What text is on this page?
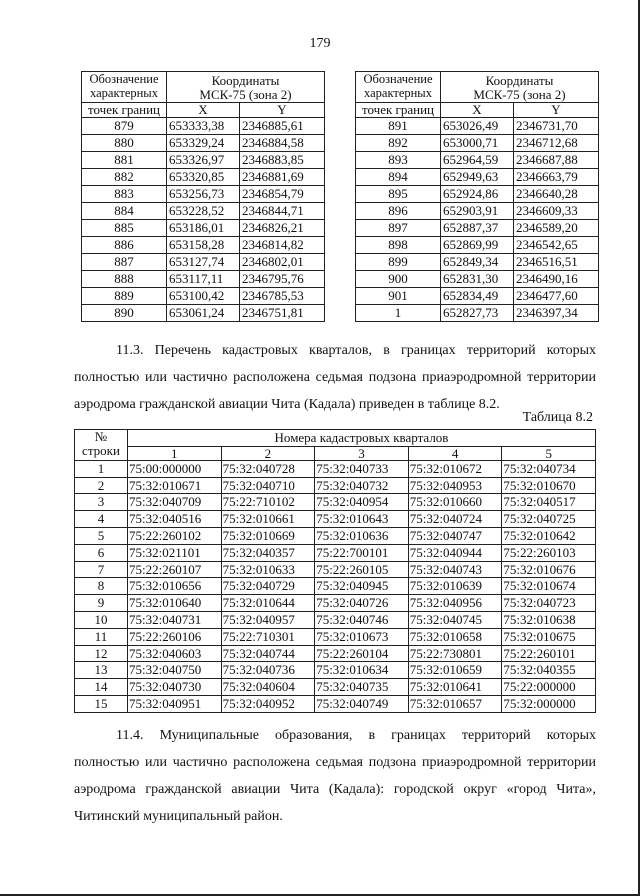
179
Обозначение
характерных	Координаты
МСК-75 (зона 2)	

точек границ	X	Y
879	653333,38	2346885,61
880	653329,24	2346884,58
881	653326,97	2346883,85
882	653320,85	2346881,69
883	653256,73	2346854,79
884	653228,52	2346844,71
885	653186,01	2346826,21
886	653158,28	2346814,82
887	653127,74	2346802,01
888	653117,11	2346795,76
889	653100,42	2346785,53
890	653061,24	2346751,81
Обозначение
характерных	Координаты
МСК-75 (зона 2)	

точек границ	X	Y
891	653026,49	2346731,70
892	653000,71	2346712,68
893	652964,59	2346687,88
894	652949,63	2346663,79
895	652924,86	2346640,28
896	652903,91	2346609,33
897	652887,37	2346589,20
898	652869,99	2346542,65
899	652849,34	2346516,51
900	652831,30	2346490,16
901	652834,49	2346477,60
1	652827,73	2346397,34
11.3. Перечень кадастровых кварталов, в границах территорий которых
полностью или частично расположена седьмая подзона приаэродромной территории
аэродрома гражданской авиации Чита (Кадала) приведен в таблице 8.2.
Таблица 8.2
№
строки	Номера кадастровых кварталов				
	1	2	3	4	5
1	75:00:000000	75:32:040728	75:32:040733	75:32:010672	75:32:040734
2	75:32:010671	75:32:040710	75:32:040732	75:32:040953	75:32:010670
3	75:32:040709	75:22:710102	75:32:040954	75:32:010660	75:32:040517
4	75:32:040516	75:32:010661	75:32:010643	75:32:040724	75:32:040725
5	75:22:260102	75:32:010669	75:32:010636	75:32:040747	75:32:010642
6	75:32:021101	75:32:040357	75:22:700101	75:32:040944	75:22:260103
7	75:22:260107	75:32:010633	75:22:260105	75:32:040743	75:32:010676
8	75:32:010656	75:32:040729	75:32:040945	75:32:010639	75:32:010674
9	75:32:010640	75:32:010644	75:32:040726	75:32:040956	75:32:040723
10	75:32:040731	75:32:040957	75:32:040746	75:32:040745	75:32:010638
11	75:22:260106	75:22:710301	75:32:010673	75:32:010658	75:32:010675
12	75:32:040603	75:32:040744	75:22:260104	75:22:730801	75:22:260101
13	75:32:040750	75:32:040736	75:32:010634	75:32:010659	75:32:040355
14	75:32:040730	75:32:040604	75:32:040735	75:32:010641	75:22:000000
15	75:32:040951	75:32:040952	75:32:040749	75:32:010657	75:32:000000
11.4. Муниципальные образования, в границах территорий которых
полностью или частично расположена седьмая подзона приаэродромной территории
аэродрома гражданской авиации Чита (Кадала): городской округ «город Чита»,
Читинский муниципальный район.
